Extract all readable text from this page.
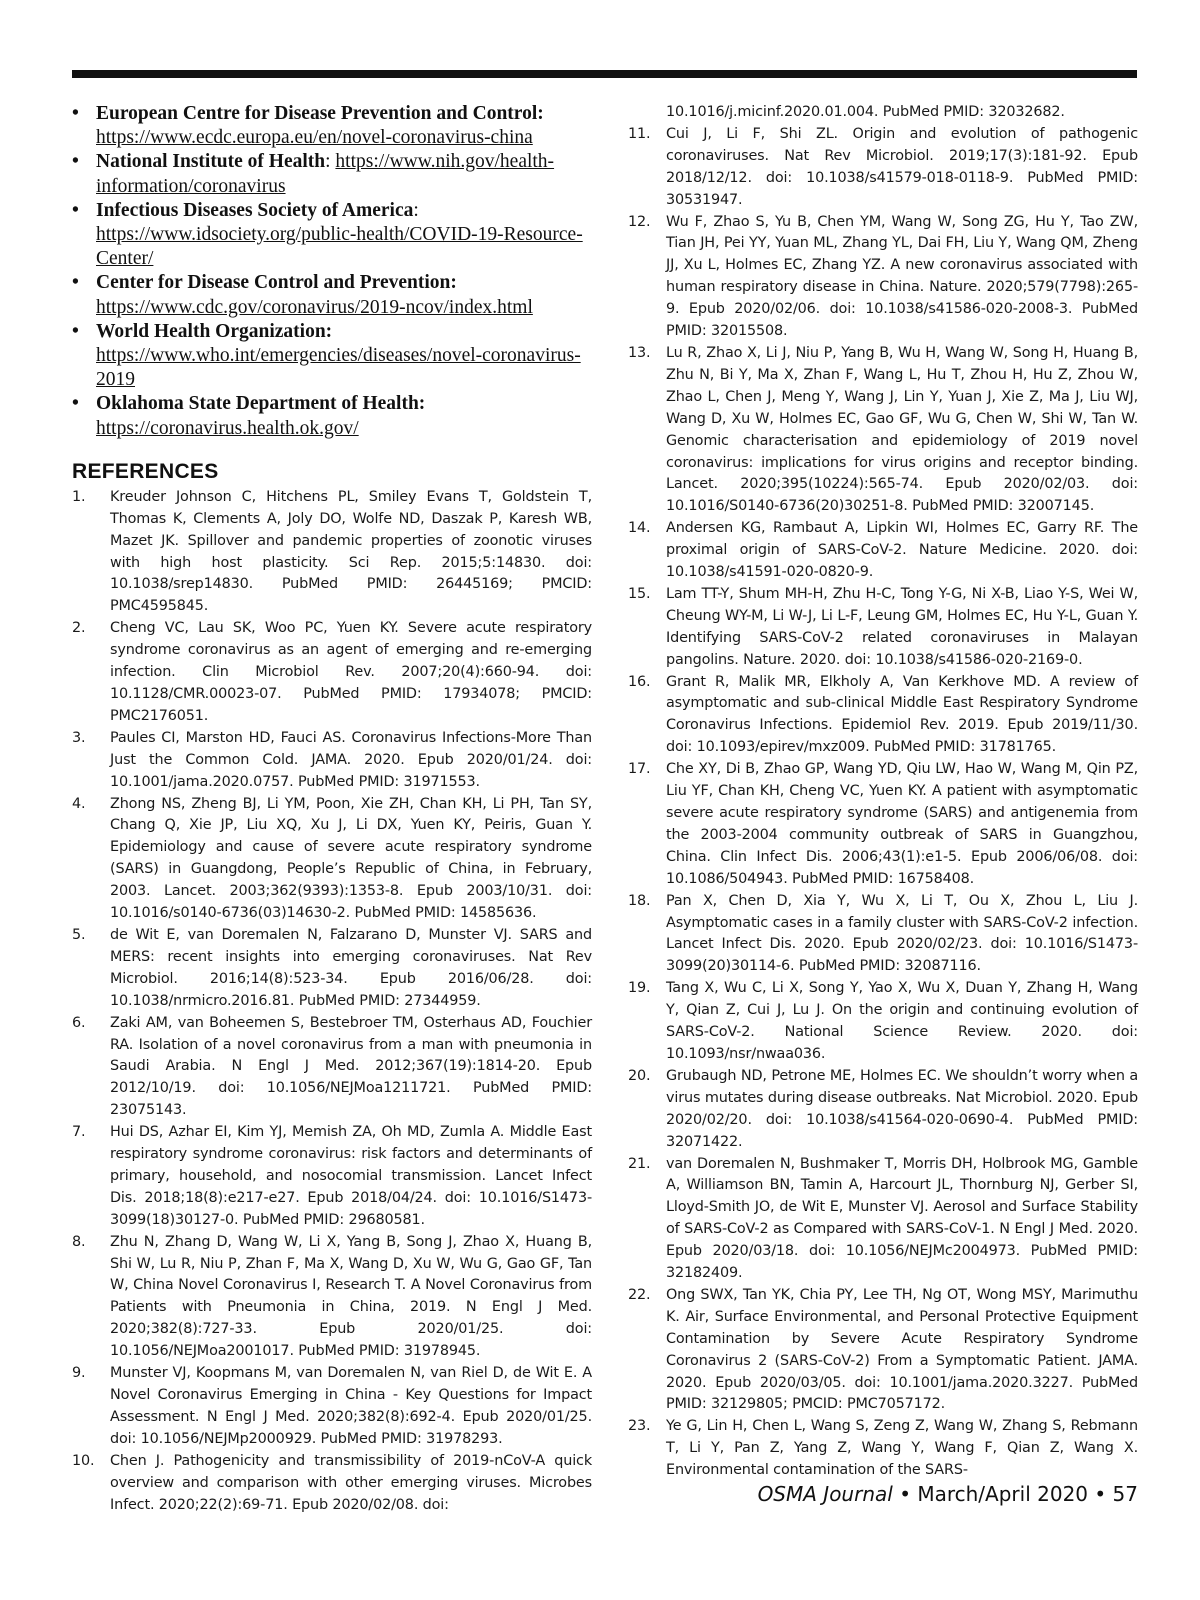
• European Centre for Disease Prevention and Control: https://www.ecdc.europa.eu/en/novel-coronavirus-china
• National Institute of Health: https://www.nih.gov/health-information/coronavirus
• Infectious Diseases Society of America: https://www.idsociety.org/public-health/COVID-19-Resource-Center/
• Center for Disease Control and Prevention: https://www.cdc.gov/coronavirus/2019-ncov/index.html
• World Health Organization: https://www.who.int/emergencies/diseases/novel-coronavirus-2019
• Oklahoma State Department of Health: https://coronavirus.health.ok.gov/
REFERENCES
1. Kreuder Johnson C, Hitchens PL, Smiley Evans T, Goldstein T, Thomas K, Clements A, Joly DO, Wolfe ND, Daszak P, Karesh WB, Mazet JK. Spillover and pandemic properties of zoonotic viruses with high host plasticity. Sci Rep. 2015;5:14830. doi: 10.1038/srep14830. PubMed PMID: 26445169; PMCID: PMC4595845.
2. Cheng VC, Lau SK, Woo PC, Yuen KY. Severe acute respiratory syndrome coronavirus as an agent of emerging and re-emerging infection. Clin Microbiol Rev. 2007;20(4):660-94. doi: 10.1128/CMR.00023-07. PubMed PMID: 17934078; PMCID: PMC2176051.
3. Paules CI, Marston HD, Fauci AS. Coronavirus Infections-More Than Just the Common Cold. JAMA. 2020. Epub 2020/01/24. doi: 10.1001/jama.2020.0757. PubMed PMID: 31971553.
4. Zhong NS, Zheng BJ, Li YM, Poon, Xie ZH, Chan KH, Li PH, Tan SY, Chang Q, Xie JP, Liu XQ, Xu J, Li DX, Yuen KY, Peiris, Guan Y. Epidemiology and cause of severe acute respiratory syndrome (SARS) in Guangdong, People’s Republic of China, in February, 2003. Lancet. 2003;362(9393):1353-8. Epub 2003/10/31. doi: 10.1016/s0140-6736(03)14630-2. PubMed PMID: 14585636.
5. de Wit E, van Doremalen N, Falzarano D, Munster VJ. SARS and MERS: recent insights into emerging coronaviruses. Nat Rev Microbiol. 2016;14(8):523-34. Epub 2016/06/28. doi: 10.1038/nrmicro.2016.81. PubMed PMID: 27344959.
6. Zaki AM, van Boheemen S, Bestebroer TM, Osterhaus AD, Fouchier RA. Isolation of a novel coronavirus from a man with pneumonia in Saudi Arabia. N Engl J Med. 2012;367(19):1814-20. Epub 2012/10/19. doi: 10.1056/NEJMoa1211721. PubMed PMID: 23075143.
7. Hui DS, Azhar EI, Kim YJ, Memish ZA, Oh MD, Zumla A. Middle East respiratory syndrome coronavirus: risk factors and determinants of primary, household, and nosocomial transmission. Lancet Infect Dis. 2018;18(8):e217-e27. Epub 2018/04/24. doi: 10.1016/S1473-3099(18)30127-0. PubMed PMID: 29680581.
8. Zhu N, Zhang D, Wang W, Li X, Yang B, Song J, Zhao X, Huang B, Shi W, Lu R, Niu P, Zhan F, Ma X, Wang D, Xu W, Wu G, Gao GF, Tan W, China Novel Coronavirus I, Research T. A Novel Coronavirus from Patients with Pneumonia in China, 2019. N Engl J Med. 2020;382(8):727-33. Epub 2020/01/25. doi: 10.1056/NEJMoa2001017. PubMed PMID: 31978945.
9. Munster VJ, Koopmans M, van Doremalen N, van Riel D, de Wit E. A Novel Coronavirus Emerging in China - Key Questions for Impact Assessment. N Engl J Med. 2020;382(8):692-4. Epub 2020/01/25. doi: 10.1056/NEJMp2000929. PubMed PMID: 31978293.
10. Chen J. Pathogenicity and transmissibility of 2019-nCoV-A quick overview and comparison with other emerging viruses. Microbes Infect. 2020;22(2):69-71. Epub 2020/02/08. doi:
10.1016/j.micinf.2020.01.004. PubMed PMID: 32032682.
11. Cui J, Li F, Shi ZL. Origin and evolution of pathogenic coronaviruses. Nat Rev Microbiol. 2019;17(3):181-92. Epub 2018/12/12. doi: 10.1038/s41579-018-0118-9. PubMed PMID: 30531947.
12. Wu F, Zhao S, Yu B, Chen YM, Wang W, Song ZG, Hu Y, Tao ZW, Tian JH, Pei YY, Yuan ML, Zhang YL, Dai FH, Liu Y, Wang QM, Zheng JJ, Xu L, Holmes EC, Zhang YZ. A new coronavirus associated with human respiratory disease in China. Nature. 2020;579(7798):265-9. Epub 2020/02/06. doi: 10.1038/s41586-020-2008-3. PubMed PMID: 32015508.
13. Lu R, Zhao X, Li J, Niu P, Yang B, Wu H, Wang W, Song H, Huang B, Zhu N, Bi Y, Ma X, Zhan F, Wang L, Hu T, Zhou H, Hu Z, Zhou W, Zhao L, Chen J, Meng Y, Wang J, Lin Y, Yuan J, Xie Z, Ma J, Liu WJ, Wang D, Xu W, Holmes EC, Gao GF, Wu G, Chen W, Shi W, Tan W. Genomic characterisation and epidemiology of 2019 novel coronavirus: implications for virus origins and receptor binding. Lancet. 2020;395(10224):565-74. Epub 2020/02/03. doi: 10.1016/S0140-6736(20)30251-8. PubMed PMID: 32007145.
14. Andersen KG, Rambaut A, Lipkin WI, Holmes EC, Garry RF. The proximal origin of SARS-CoV-2. Nature Medicine. 2020. doi: 10.1038/s41591-020-0820-9.
15. Lam TT-Y, Shum MH-H, Zhu H-C, Tong Y-G, Ni X-B, Liao Y-S, Wei W, Cheung WY-M, Li W-J, Li L-F, Leung GM, Holmes EC, Hu Y-L, Guan Y. Identifying SARS-CoV-2 related coronaviruses in Malayan pangolins. Nature. 2020. doi: 10.1038/s41586-020-2169-0.
16. Grant R, Malik MR, Elkholy A, Van Kerkhove MD. A review of asymptomatic and sub-clinical Middle East Respiratory Syndrome Coronavirus Infections. Epidemiol Rev. 2019. Epub 2019/11/30. doi: 10.1093/epirev/mxz009. PubMed PMID: 31781765.
17. Che XY, Di B, Zhao GP, Wang YD, Qiu LW, Hao W, Wang M, Qin PZ, Liu YF, Chan KH, Cheng VC, Yuen KY. A patient with asymptomatic severe acute respiratory syndrome (SARS) and antigenemia from the 2003-2004 community outbreak of SARS in Guangzhou, China. Clin Infect Dis. 2006;43(1):e1-5. Epub 2006/06/08. doi: 10.1086/504943. PubMed PMID: 16758408.
18. Pan X, Chen D, Xia Y, Wu X, Li T, Ou X, Zhou L, Liu J. Asymptomatic cases in a family cluster with SARS-CoV-2 infection. Lancet Infect Dis. 2020. Epub 2020/02/23. doi: 10.1016/S1473-3099(20)30114-6. PubMed PMID: 32087116.
19. Tang X, Wu C, Li X, Song Y, Yao X, Wu X, Duan Y, Zhang H, Wang Y, Qian Z, Cui J, Lu J. On the origin and continuing evolution of SARS-CoV-2. National Science Review. 2020. doi: 10.1093/nsr/nwaa036.
20. Grubaugh ND, Petrone ME, Holmes EC. We shouldn’t worry when a virus mutates during disease outbreaks. Nat Microbiol. 2020. Epub 2020/02/20. doi: 10.1038/s41564-020-0690-4. PubMed PMID: 32071422.
21. van Doremalen N, Bushmaker T, Morris DH, Holbrook MG, Gamble A, Williamson BN, Tamin A, Harcourt JL, Thornburg NJ, Gerber SI, Lloyd-Smith JO, de Wit E, Munster VJ. Aerosol and Surface Stability of SARS-CoV-2 as Compared with SARS-CoV-1. N Engl J Med. 2020. Epub 2020/03/18. doi: 10.1056/NEJMc2004973. PubMed PMID: 32182409.
22. Ong SWX, Tan YK, Chia PY, Lee TH, Ng OT, Wong MSY, Marimuthu K. Air, Surface Environmental, and Personal Protective Equipment Contamination by Severe Acute Respiratory Syndrome Coronavirus 2 (SARS-CoV-2) From a Symptomatic Patient. JAMA. 2020. Epub 2020/03/05. doi: 10.1001/jama.2020.3227. PubMed PMID: 32129805; PMCID: PMC7057172.
23. Ye G, Lin H, Chen L, Wang S, Zeng Z, Wang W, Zhang S, Rebmann T, Li Y, Pan Z, Yang Z, Wang Y, Wang F, Qian Z, Wang X. Environmental contamination of the SARS-
OSMA Journal • March/April 2020 • 57
